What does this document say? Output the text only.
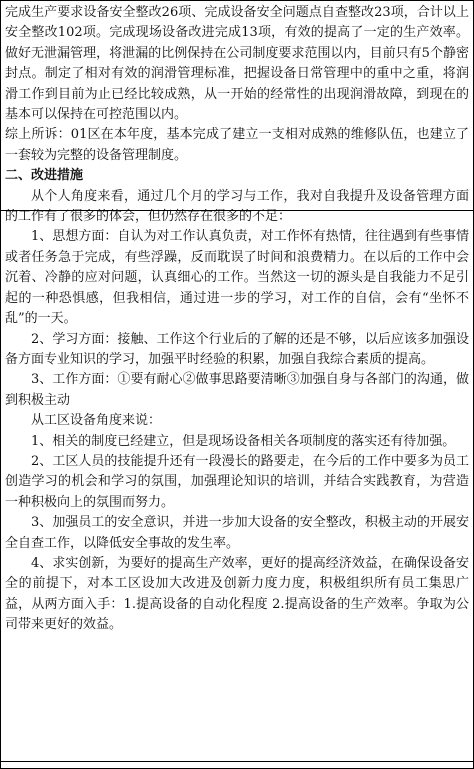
完成生产要求设备安全整改26项、完成设备安全问题点自查整改23项，合计以上安全整改102项。完成现场设备改进完成13项，有效的提高了一定的生产效率。做好无泄漏管理，将泄漏的比例保持在公司制度要求范围以内，目前只有5个静密封点。制定了相对有效的润滑管理标准，把握设备日常管理中的重中之重，将润滑工作到目前为止已经比较成熟，从一开始的经常性的出现润滑故障，到现在的基本可以保持在可控范围以内。

综上所诉：01区在本年度，基本完成了建立一支相对成熟的维修队伍，也建立了一套较为完整的设备管理制度。

二、改进措施

从个人角度来看，通过几个月的学习与工作，我对自我提升及设备管理方面的工作有了很多的体会，但仍然存在很多的不足：

1、思想方面：自认为对工作认真负责，对工作怀有热情，往往遇到有些事情或者任务急于完成，有些浮躁，反而耽误了时间和浪费精力。在以后的工作中会沉着、冷静的应对问题，认真细心的工作。当然这一切的源头是自我能力不足引起的一种恐惧感，但我相信，通过进一步的学习，对工作的自信，会有“坐怀不乱”的一天。

2、学习方面：接触、工作这个行业后的了解的还是不够，以后应该多加强设备方面专业知识的学习，加强平时经验的积累，加强自我综合素质的提高。

3、工作方面：①要有耐心②做事思路要清晰③加强自身与各部门的沟通，做到积极主动

从工区设备角度来说：

1、相关的制度已经建立，但是现场设备相关各项制度的落实还有待加强。

2、工区人员的技能提升还有一段漫长的路要走，在今后的工作中要多为员工创造学习的机会和学习的氛围，加强理论知识的培训，并结合实践教育，为营造一种积极向上的氛围而努力。

3、加强员工的安全意识，并进一步加大设备的安全整改，积极主动的开展安全自查工作，以降低安全事故的发生率。

4、求实创新，为要好的提高生产效率，更好的提高经济效益，在确保设备安全的前提下，对本工区设加大改进及创新力度力度，积极组织所有员工集思广益，从两方面入手：1.提高设备的自动化程度 2.提高设备的生产效率。争取为公司带来更好的效益。
